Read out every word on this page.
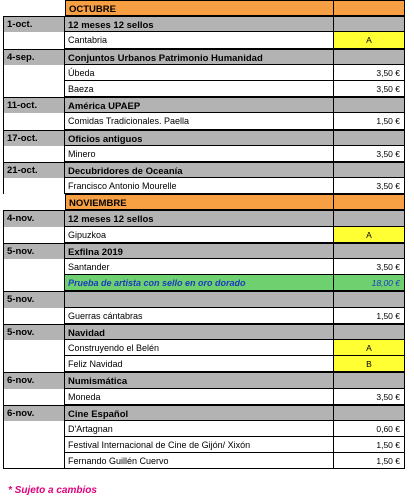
OCTUBRE
1-oct.	12 meses 12 sellos
Cantabria	A
4-sep.	Conjuntos Urbanos Patrimonio Humanidad
Úbeda	3,50 €
Baeza	3,50 €
11-oct.	América UPAEP
Comidas Tradicionales. Paella	1,50 €
17-oct.	Oficios antiguos
Minero	3,50 €
21-oct.	Decubridores de Oceanía
Francisco Antonio Mourelle	3,50 €
NOVIEMBRE
4-nov.	12 meses 12 sellos
Gipuzkoa	A
5-nov.	Exfilna 2019
Santander	3,50 €
Prueba de artista con sello en oro dorado	18,00 €
5-nov.
Guerras cántabras	1,50 €
5-nov.	Navidad
Construyendo el Belén	A
Feliz Navidad	B
6-nov.	Numismática
Moneda	3,50 €
6-nov.	Cine Español
D'Artagnan	0,60 €
Festival Internacional de Cine de Gijón/ Xixón	1,50 €
Fernando Guillén Cuervo	1,50 €
* Sujeto a cambios
